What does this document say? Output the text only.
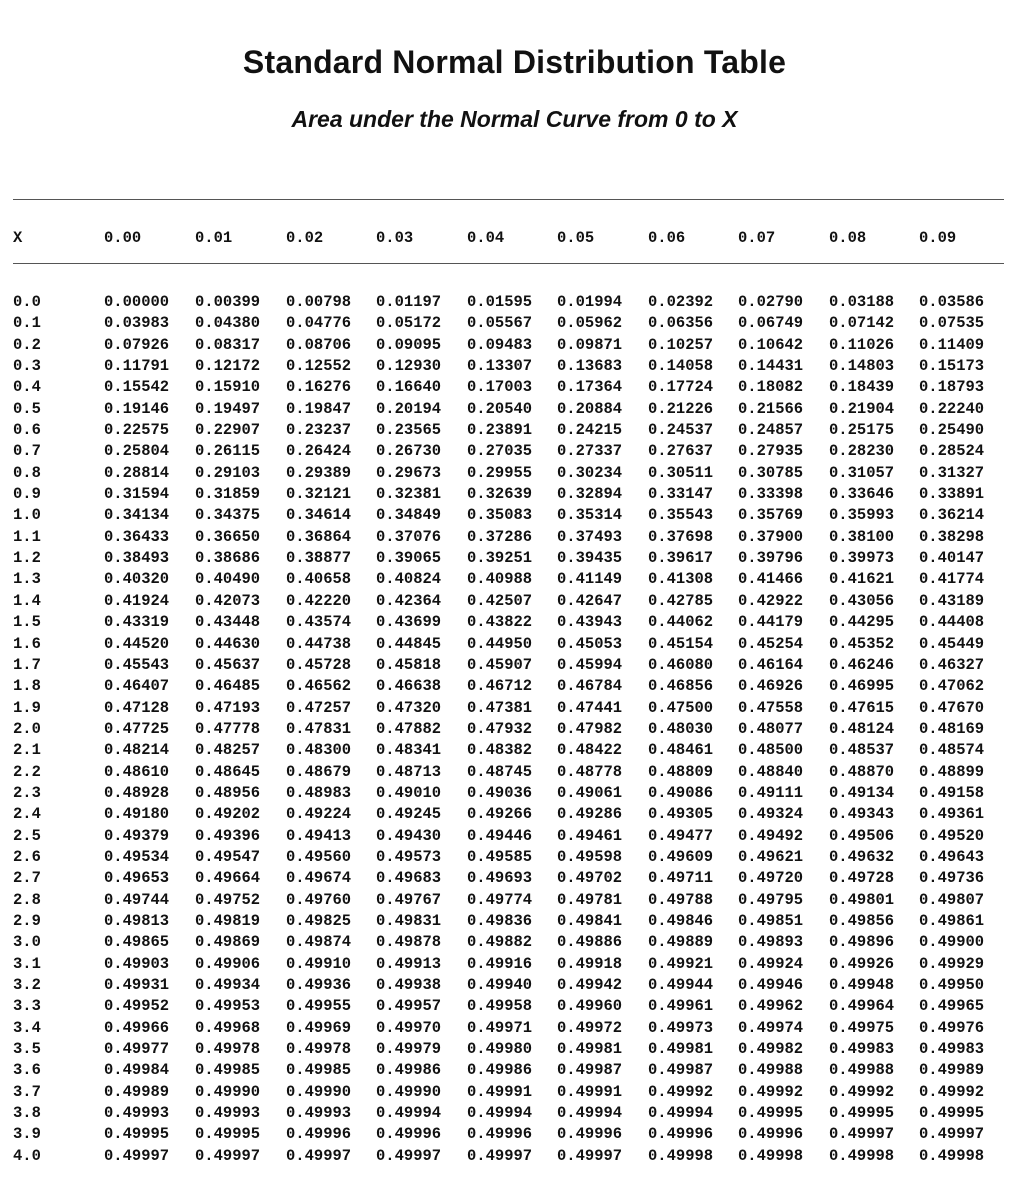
Standard Normal Distribution Table
Area under the Normal Curve from 0 to X
X	0.00	0.01	0.02	0.03	0.04	0.05	0.06	0.07	0.08	0.09
0.0	0.00000 0.00399 0.00798 0.01197 0.01595 0.01994 0.02392 0.02790 0.03188 0.03586
0.1	0.03983 0.04380 0.04776 0.05172 0.05567 0.05962 0.06356 0.06749 0.07142 0.07535
0.2	0.07926 0.08317 0.08706 0.09095 0.09483 0.09871 0.10257 0.10642 0.11026 0.11409
0.3	0.11791 0.12172 0.12552 0.12930 0.13307 0.13683 0.14058 0.14431 0.14803 0.15173
0.4	0.15542 0.15910 0.16276 0.16640 0.17003 0.17364 0.17724 0.18082 0.18439 0.18793
0.5	0.19146 0.19497 0.19847 0.20194 0.20540 0.20884 0.21226 0.21566 0.21904 0.22240
0.6	0.22575 0.22907 0.23237 0.23565 0.23891 0.24215 0.24537 0.24857 0.25175 0.25490
0.7	0.25804 0.26115 0.26424 0.26730 0.27035 0.27337 0.27637 0.27935 0.28230 0.28524
0.8	0.28814 0.29103 0.29389 0.29673 0.29955 0.30234 0.30511 0.30785 0.31057 0.31327
0.9	0.31594 0.31859 0.32121 0.32381 0.32639 0.32894 0.33147 0.33398 0.33646 0.33891
1.0	0.34134 0.34375 0.34614 0.34849 0.35083 0.35314 0.35543 0.35769 0.35993 0.36214
1.1	0.36433 0.36650 0.36864 0.37076 0.37286 0.37493 0.37698 0.37900 0.38100 0.38298
1.2	0.38493 0.38686 0.38877 0.39065 0.39251 0.39435 0.39617 0.39796 0.39973 0.40147
1.3	0.40320 0.40490 0.40658 0.40824 0.40988 0.41149 0.41308 0.41466 0.41621 0.41774
1.4	0.41924 0.42073 0.42220 0.42364 0.42507 0.42647 0.42785 0.42922 0.43056 0.43189
1.5	0.43319 0.43448 0.43574 0.43699 0.43822 0.43943 0.44062 0.44179 0.44295 0.44408
1.6	0.44520 0.44630 0.44738 0.44845 0.44950 0.45053 0.45154 0.45254 0.45352 0.45449
1.7	0.45543 0.45637 0.45728 0.45818 0.45907 0.45994 0.46080 0.46164 0.46246 0.46327
1.8	0.46407 0.46485 0.46562 0.46638 0.46712 0.46784 0.46856 0.46926 0.46995 0.47062
1.9	0.47128 0.47193 0.47257 0.47320 0.47381 0.47441 0.47500 0.47558 0.47615 0.47670
2.0	0.47725 0.47778 0.47831 0.47882 0.47932 0.47982 0.48030 0.48077 0.48124 0.48169
2.1	0.48214 0.48257 0.48300 0.48341 0.48382 0.48422 0.48461 0.48500 0.48537 0.48574
2.2	0.48610 0.48645 0.48679 0.48713 0.48745 0.48778 0.48809 0.48840 0.48870 0.48899
2.3	0.48928 0.48956 0.48983 0.49010 0.49036 0.49061 0.49086 0.49111 0.49134 0.49158
2.4	0.49180 0.49202 0.49224 0.49245 0.49266 0.49286 0.49305 0.49324 0.49343 0.49361
2.5	0.49379 0.49396 0.49413 0.49430 0.49446 0.49461 0.49477 0.49492 0.49506 0.49520
2.6	0.49534 0.49547 0.49560 0.49573 0.49585 0.49598 0.49609 0.49621 0.49632 0.49643
2.7	0.49653 0.49664 0.49674 0.49683 0.49693 0.49702 0.49711 0.49720 0.49728 0.49736
2.8	0.49744 0.49752 0.49760 0.49767 0.49774 0.49781 0.49788 0.49795 0.49801 0.49807
2.9	0.49813 0.49819 0.49825 0.49831 0.49836 0.49841 0.49846 0.49851 0.49856 0.49861
3.0	0.49865 0.49869 0.49874 0.49878 0.49882 0.49886 0.49889 0.49893 0.49896 0.49900
3.1	0.49903 0.49906 0.49910 0.49913 0.49916 0.49918 0.49921 0.49924 0.49926 0.49929
3.2	0.49931 0.49934 0.49936 0.49938 0.49940 0.49942 0.49944 0.49946 0.49948 0.49950
3.3	0.49952 0.49953 0.49955 0.49957 0.49958 0.49960 0.49961 0.49962 0.49964 0.49965
3.4	0.49966 0.49968 0.49969 0.49970 0.49971 0.49972 0.49973 0.49974 0.49975 0.49976
3.5	0.49977 0.49978 0.49978 0.49979 0.49980 0.49981 0.49981 0.49982 0.49983 0.49983
3.6	0.49984 0.49985 0.49985 0.49986 0.49986 0.49987 0.49987 0.49988 0.49988 0.49989
3.7	0.49989 0.49990 0.49990 0.49990 0.49991 0.49991 0.49992 0.49992 0.49992 0.49992
3.8	0.49993 0.49993 0.49993 0.49994 0.49994 0.49994 0.49994 0.49995 0.49995 0.49995
3.9	0.49995 0.49995 0.49996 0.49996 0.49996 0.49996 0.49996 0.49996 0.49997 0.49997
4.0	0.49997 0.49997 0.49997 0.49997 0.49997 0.49997 0.49998 0.49998 0.49998 0.49998
